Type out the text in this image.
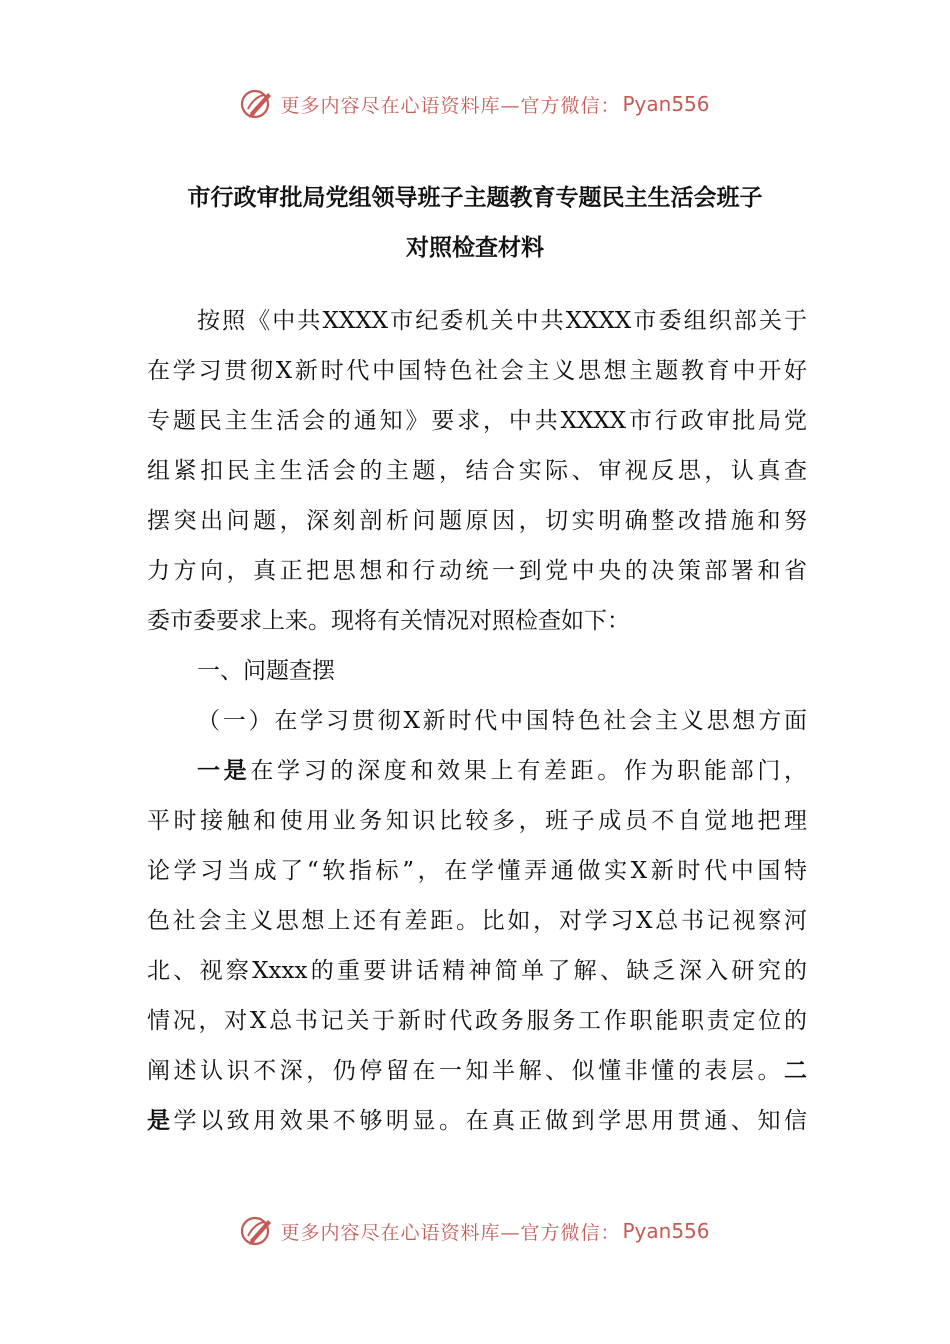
更多内容尽在心语资料库—官方微信： Pyan556
市行政审批局党组领导班子主题教育专题民主生活会班子
对照检查材料
按照《中共XXXX市纪委机关中共XXXX市委组织部关于
在学习贯彻X新时代中国特色社会主义思想主题教育中开好
专题民主生活会的通知》要求，中共XXXX市行政审批局党
组紧扣民主生活会的主题，结合实际、审视反思，认真查
摆突出问题，深刻剖析问题原因，切实明确整改措施和努
力方向，真正把思想和行动统一到党中央的决策部署和省
委市委要求上来。现将有关情况对照检查如下：
一、问题查摆
（一）在学习贯彻X新时代中国特色社会主义思想方面
一是在学习的深度和效果上有差距。作为职能部门，
平时接触和使用业务知识比较多，班子成员不自觉地把理
论学习当成了“软指标”，在学懂弄通做实X新时代中国特
色社会主义思想上还有差距。比如，对学习X总书记视察河
北、视察Xxxx的重要讲话精神简单了解、缺乏深入研究的
情况，对X总书记关于新时代政务服务工作职能职责定位的
阐述认识不深，仍停留在一知半解、似懂非懂的表层。二
是学以致用效果不够明显。在真正做到学思用贯通、知信
更多内容尽在心语资料库—官方微信： Pyan556
